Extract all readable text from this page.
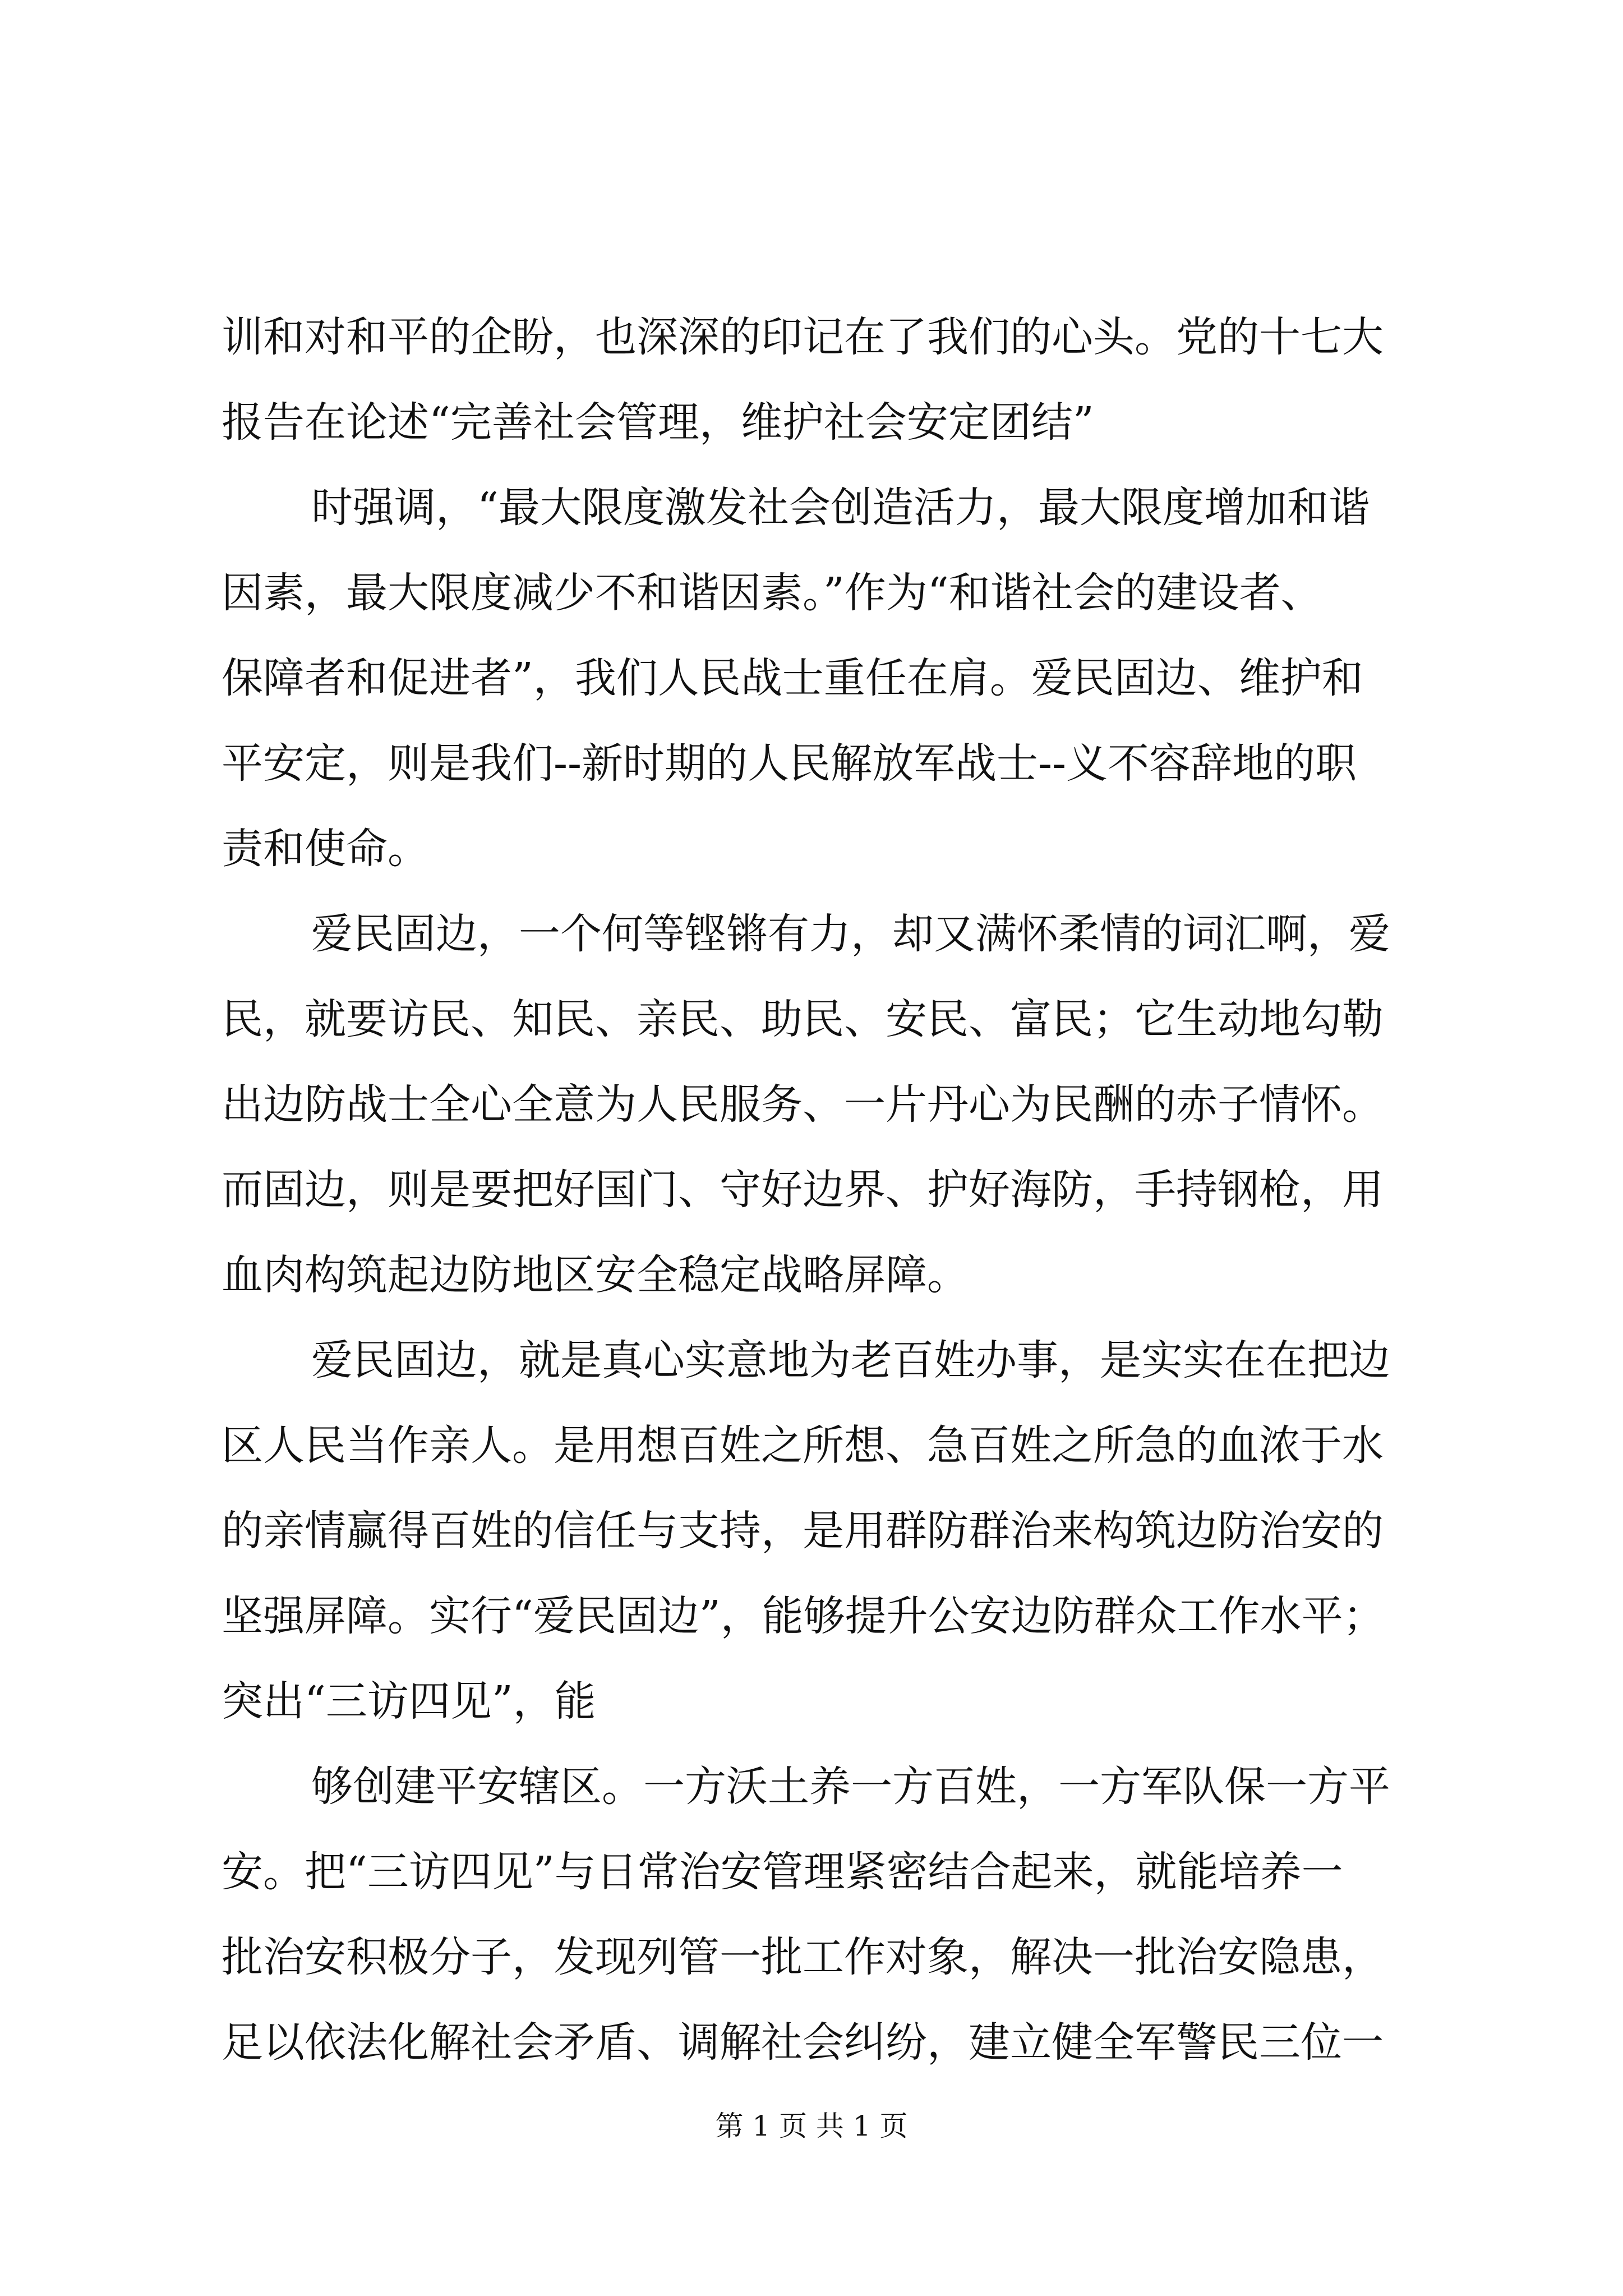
训和对和平的企盼，也深深的印记在了我们的心头。党的十七大
报告在论述“完善社会管理，维护社会安定团结”
时强调，“最大限度激发社会创造活力，最大限度增加和谐
因素，最大限度减少不和谐因素。”作为“和谐社会的建设者、
保障者和促进者”，我们人民战士重任在肩。爱民固边、维护和
平安定，则是我们--新时期的人民解放军战士--义不容辞地的职
责和使命。
爱民固边，一个何等铿锵有力，却又满怀柔情的词汇啊，爱
民，就要访民、知民、亲民、助民、安民、富民；它生动地勾勒
出边防战士全心全意为人民服务、一片丹心为民酬的赤子情怀。
而固边，则是要把好国门、守好边界、护好海防，手持钢枪，用
血肉构筑起边防地区安全稳定战略屏障。
爱民固边，就是真心实意地为老百姓办事，是实实在在把边
区人民当作亲人。是用想百姓之所想、急百姓之所急的血浓于水
的亲情赢得百姓的信任与支持，是用群防群治来构筑边防治安的
坚强屏障。实行“爱民固边”，能够提升公安边防群众工作水平；
突出“三访四见”，能
够创建平安辖区。一方沃土养一方百姓，一方军队保一方平
安。把“三访四见”与日常治安管理紧密结合起来，就能培养一
批治安积极分子，发现列管一批工作对象，解决一批治安隐患，
足以依法化解社会矛盾、调解社会纠纷，建立健全军警民三位一
第 1 页 共 1 页
